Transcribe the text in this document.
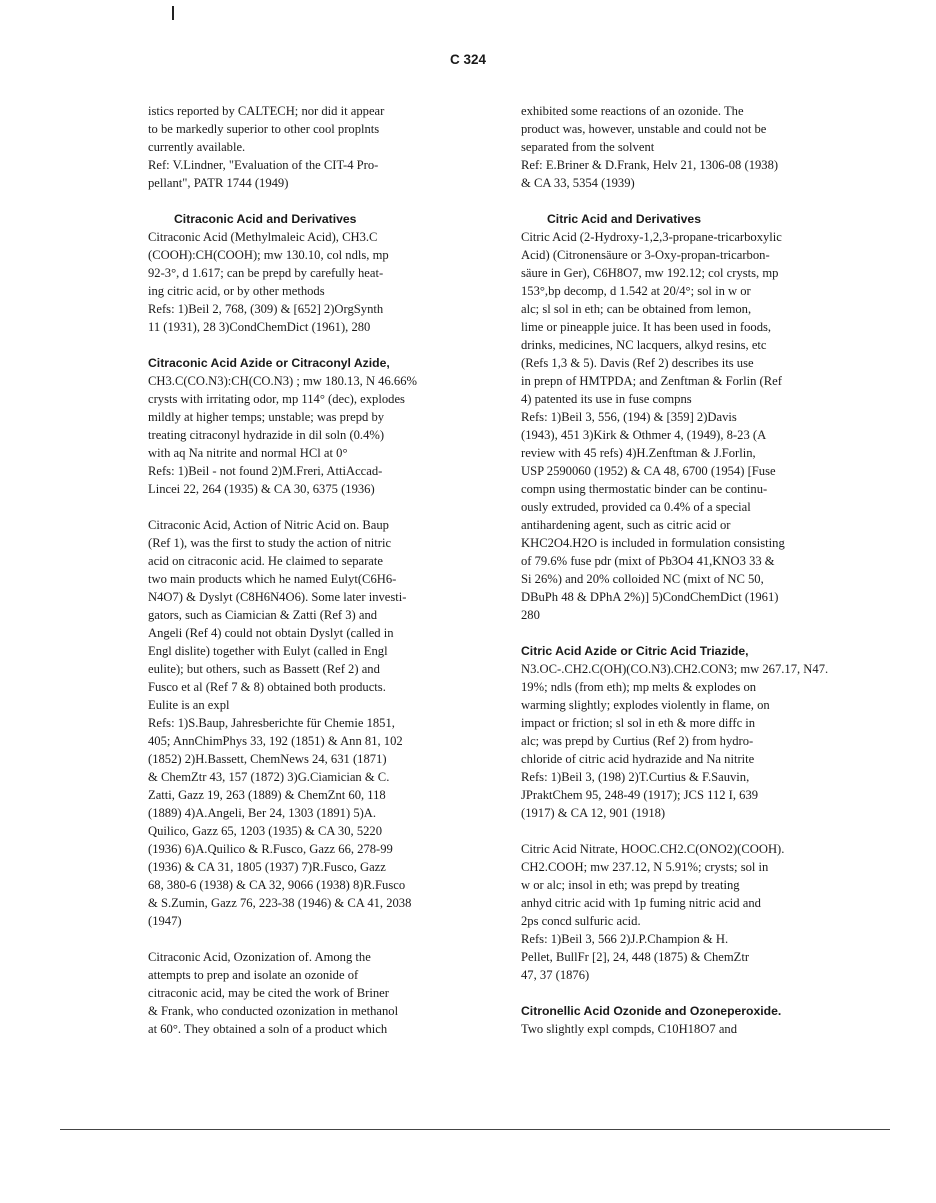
C 324

istics reported by CALTECH; nor did it appear

to be markedly superior to other cool proplnts

currently available.

Ref: V.Lindner, "Evaluation of the CIT-4 Pro-

pellant", PATR 1744 (1949)

Citraconic Acid and Derivatives

Citraconic Acid (Methylmaleic Acid), CH3.C

(COOH):CH(COOH); mw 130.10, col ndls, mp

92-3°, d 1.617; can be prepd by carefully heat-

ing citric acid, or by other methods

Refs: 1)Beil 2, 768, (309) & [652] 2)OrgSynth

11 (1931), 28 3)CondChemDict (1961), 280

Citraconic Acid Azide or Citraconyl Azide,

CH3.C(CO.N3):CH(CO.N3) ; mw 180.13, N 46.66%

crysts with irritating odor, mp 114° (dec), explodes

mildly at higher temps; unstable; was prepd by

treating citraconyl hydrazide in dil soln (0.4%)

with aq Na nitrite and normal HCl at 0°

Refs: 1)Beil - not found 2)M.Freri, AttiAccad-

Lincei 22, 264 (1935) & CA 30, 6375 (1936)

Citraconic Acid, Action of Nitric Acid on. Baup

(Ref 1), was the first to study the action of nitric

acid on citraconic acid. He claimed to separate

two main products which he named Eulyt(C6H6-

N4O7) & Dyslyt (C8H6N4O6). Some later investi-

gators, such as Ciamician & Zatti (Ref 3) and

Angeli (Ref 4) could not obtain Dyslyt (called in

Engl dislite) together with Eulyt (called in Engl

eulite); but others, such as Bassett (Ref 2) and

Fusco et al (Ref 7 & 8) obtained both products.

Eulite is an expl

Refs: 1)S.Baup, Jahresberichte für Chemie 1851,

405; AnnChimPhys 33, 192 (1851) & Ann 81, 102

(1852) 2)H.Bassett, ChemNews 24, 631 (1871)

& ChemZtr 43, 157 (1872) 3)G.Ciamician & C.

Zatti, Gazz 19, 263 (1889) & ChemZnt 60, 118

(1889) 4)A.Angeli, Ber 24, 1303 (1891) 5)A.

Quilico, Gazz 65, 1203 (1935) & CA 30, 5220

(1936) 6)A.Quilico & R.Fusco, Gazz 66, 278-99

(1936) & CA 31, 1805 (1937) 7)R.Fusco, Gazz

68, 380-6 (1938) & CA 32, 9066 (1938) 8)R.Fusco

& S.Zumin, Gazz 76, 223-38 (1946) & CA 41, 2038

(1947)

Citraconic Acid, Ozonization of. Among the

attempts to prep and isolate an ozonide of

citraconic acid, may be cited the work of Briner

& Frank, who conducted ozonization in methanol

at 60°. They obtained a soln of a product which

exhibited some reactions of an ozonide. The

product was, however, unstable and could not be

separated from the solvent

Ref: E.Briner & D.Frank, Helv 21, 1306-08 (1938)

& CA 33, 5354 (1939)

Citric Acid and Derivatives

Citric Acid (2-Hydroxy-1,2,3-propane-tricarboxylic

Acid) (Citronensäure or 3-Oxy-propan-tricarbon-

säure in Ger), C6H8O7, mw 192.12; col crysts, mp

153°,bp decomp, d 1.542 at 20/4°; sol in w or

alc; sl sol in eth; can be obtained from lemon,

lime or pineapple juice. It has been used in foods,

drinks, medicines, NC lacquers, alkyd resins, etc

(Refs 1,3 & 5). Davis (Ref 2) describes its use

in prepn of HMTPDA; and Zenftman & Forlin (Ref

4) patented its use in fuse compns

Refs: 1)Beil 3, 556, (194) & [359] 2)Davis

(1943), 451 3)Kirk & Othmer 4, (1949), 8-23 (A

review with 45 refs) 4)H.Zenftman & J.Forlin,

USP 2590060 (1952) & CA 48, 6700 (1954) [Fuse

compn using thermostatic binder can be continu-

ously extruded, provided ca 0.4% of a special

antihardening agent, such as citric acid or

KHC2O4.H2O is included in formulation consisting

of 79.6% fuse pdr (mixt of Pb3O4 41,KNO3 33 &

Si 26%) and 20% colloided NC (mixt of NC 50,

DBuPh 48 & DPhA 2%)] 5)CondChemDict (1961)

280

Citric Acid Azide or Citric Acid Triazide,

N3.OC-.CH2.C(OH)(CO.N3).CH2.CON3; mw 267.17, N47.

19%; ndls (from eth); mp melts & explodes on

warming slightly; explodes violently in flame, on

impact or friction; sl sol in eth & more diffc in

alc; was prepd by Curtius (Ref 2) from hydro-

chloride of citric acid hydrazide and Na nitrite

Refs: 1)Beil 3, (198) 2)T.Curtius & F.Sauvin,

JPraktChem 95, 248-49 (1917); JCS 112 I, 639

(1917) & CA 12, 901 (1918)

Citric Acid Nitrate, HOOC.CH2.C(ONO2)(COOH).

CH2.COOH; mw 237.12, N 5.91%; crysts; sol in

w or alc; insol in eth; was prepd by treating

anhyd citric acid with 1p fuming nitric acid and

2ps concd sulfuric acid.

Refs: 1)Beil 3, 566 2)J.P.Champion & H.

Pellet, BullFr [2], 24, 448 (1875) & ChemZtr

47, 37 (1876)

Citronellic Acid Ozonide and Ozoneperoxide.

Two slightly expl compds, C10H18O7 and
